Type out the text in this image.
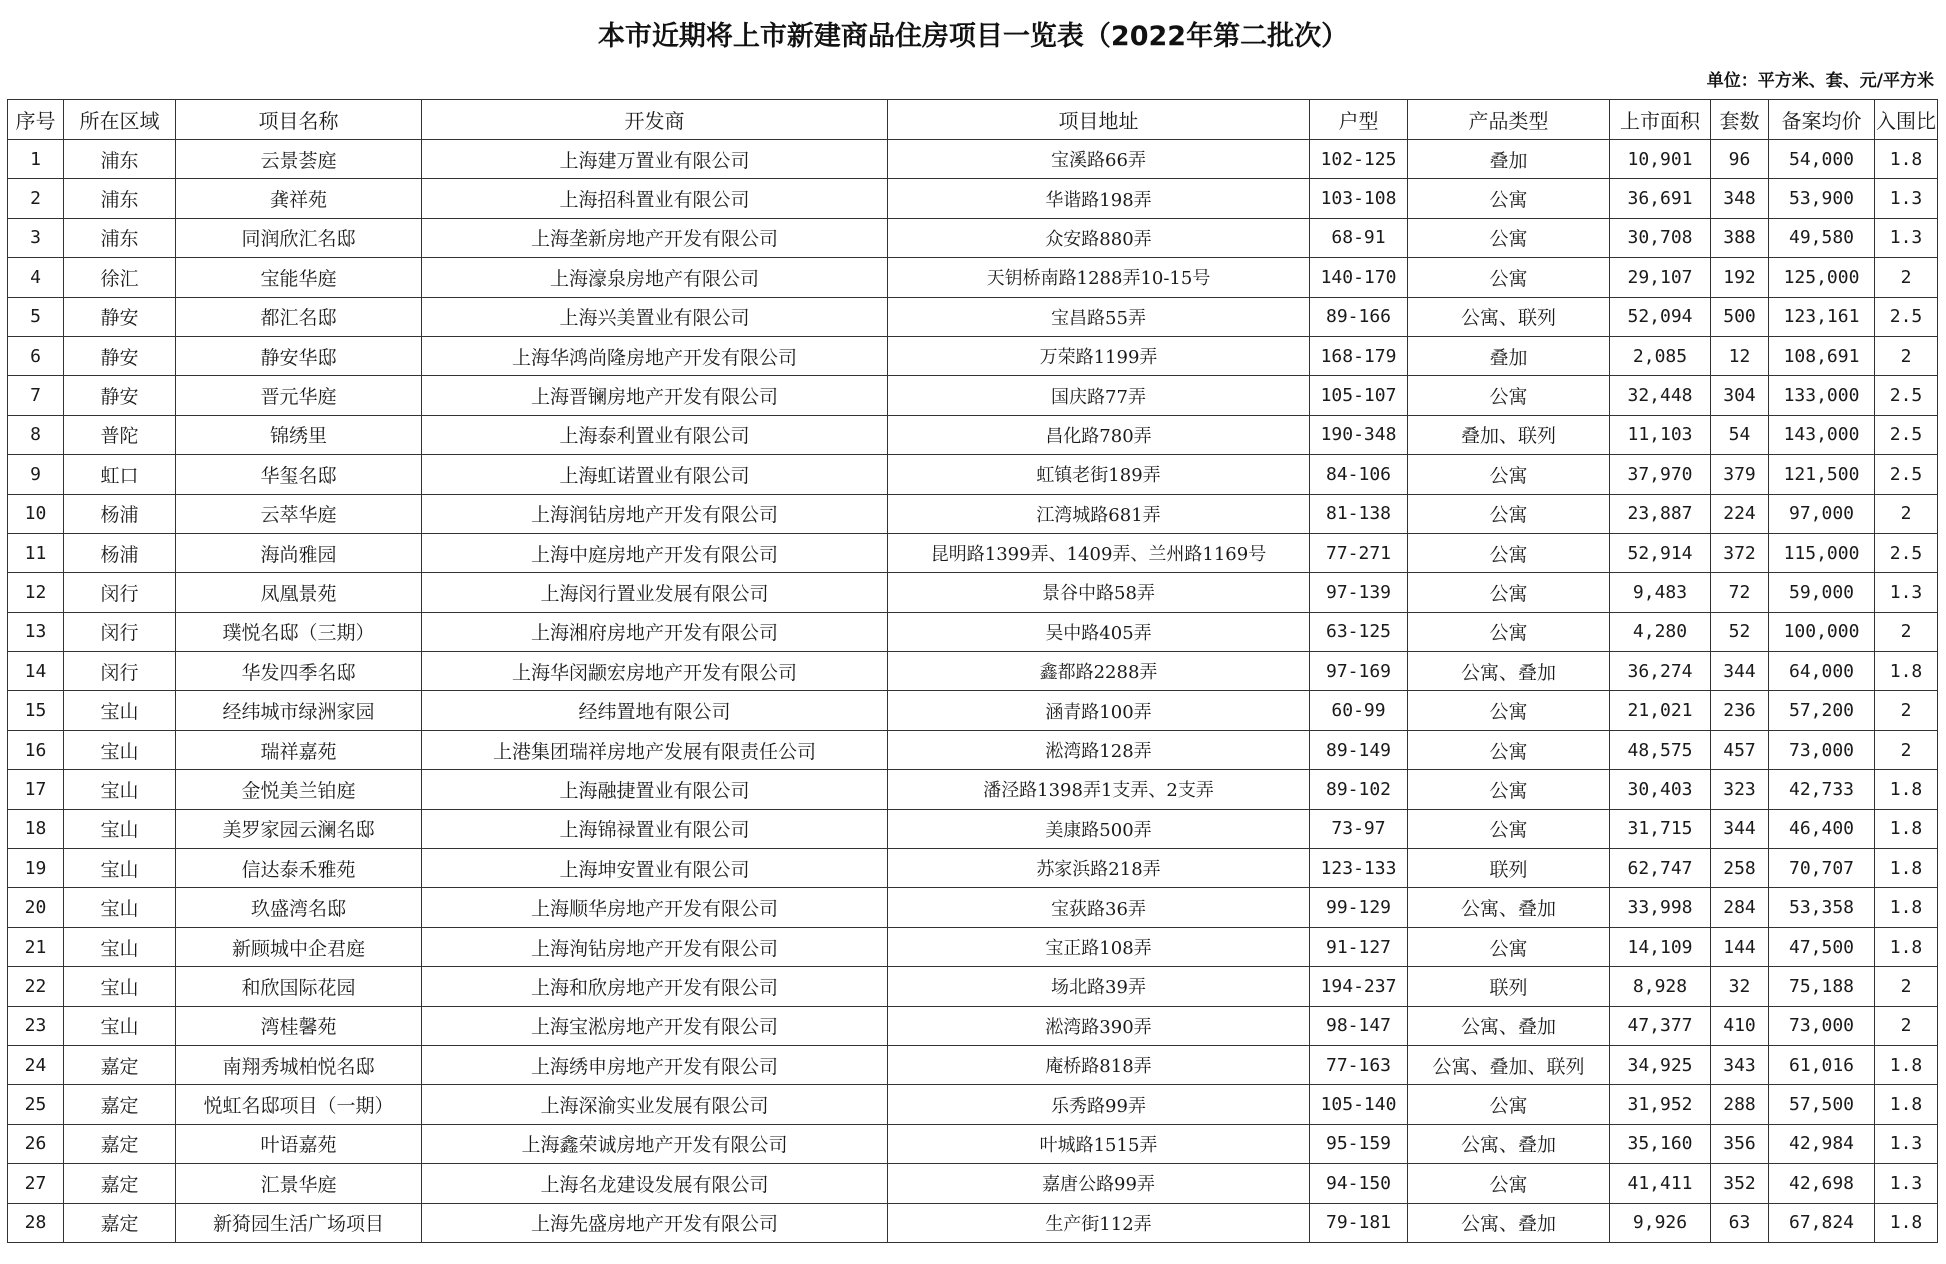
本市近期将上市新建商品住房项目一览表（2022年第二批次）
单位：平方米、套、元/平方米
序号	所在区域	项目名称	开发商	项目地址	户型	产品类型	上市面积	套数	备案均价	入围比
1	浦东	云景荟庭	上海建万置业有限公司	宝溪路66弄	102-125	叠加	10,901	96	54,000	1.8
2	浦东	龚祥苑	上海招科置业有限公司	华谐路198弄	103-108	公寓	36,691	348	53,900	1.3
3	浦东	同润欣汇名邸	上海垄新房地产开发有限公司	众安路880弄	68-91	公寓	30,708	388	49,580	1.3
4	徐汇	宝能华庭	上海濠泉房地产有限公司	天钥桥南路1288弄10-15号	140-170	公寓	29,107	192	125,000	2
5	静安	都汇名邸	上海兴美置业有限公司	宝昌路55弄	89-166	公寓、联列	52,094	500	123,161	2.5
6	静安	静安华邸	上海华鸿尚隆房地产开发有限公司	万荣路1199弄	168-179	叠加	2,085	12	108,691	2
7	静安	晋元华庭	上海晋镧房地产开发有限公司	国庆路77弄	105-107	公寓	32,448	304	133,000	2.5
8	普陀	锦绣里	上海泰利置业有限公司	昌化路780弄	190-348	叠加、联列	11,103	54	143,000	2.5
9	虹口	华玺名邸	上海虹诺置业有限公司	虹镇老街189弄	84-106	公寓	37,970	379	121,500	2.5
10	杨浦	云萃华庭	上海润钻房地产开发有限公司	江湾城路681弄	81-138	公寓	23,887	224	97,000	2
11	杨浦	海尚雅园	上海中庭房地产开发有限公司	昆明路1399弄、1409弄、兰州路1169号	77-271	公寓	52,914	372	115,000	2.5
12	闵行	凤凰景苑	上海闵行置业发展有限公司	景谷中路58弄	97-139	公寓	9,483	72	59,000	1.3
13	闵行	璞悦名邸（三期）	上海湘府房地产开发有限公司	吴中路405弄	63-125	公寓	4,280	52	100,000	2
14	闵行	华发四季名邸	上海华闵颛宏房地产开发有限公司	鑫都路2288弄	97-169	公寓、叠加	36,274	344	64,000	1.8
15	宝山	经纬城市绿洲家园	经纬置地有限公司	涵青路100弄	60-99	公寓	21,021	236	57,200	2
16	宝山	瑞祥嘉苑	上港集团瑞祥房地产发展有限责任公司	淞湾路128弄	89-149	公寓	48,575	457	73,000	2
17	宝山	金悦美兰铂庭	上海融捷置业有限公司	潘泾路1398弄1支弄、2支弄	89-102	公寓	30,403	323	42,733	1.8
18	宝山	美罗家园云澜名邸	上海锦禄置业有限公司	美康路500弄	73-97	公寓	31,715	344	46,400	1.8
19	宝山	信达泰禾雅苑	上海坤安置业有限公司	苏家浜路218弄	123-133	联列	62,747	258	70,707	1.8
20	宝山	玖盛湾名邸	上海顺华房地产开发有限公司	宝荻路36弄	99-129	公寓、叠加	33,998	284	53,358	1.8
21	宝山	新顾城中企君庭	上海洵钻房地产开发有限公司	宝正路108弄	91-127	公寓	14,109	144	47,500	1.8
22	宝山	和欣国际花园	上海和欣房地产开发有限公司	场北路39弄	194-237	联列	8,928	32	75,188	2
23	宝山	湾桂馨苑	上海宝淞房地产开发有限公司	淞湾路390弄	98-147	公寓、叠加	47,377	410	73,000	2
24	嘉定	南翔秀城柏悦名邸	上海绣申房地产开发有限公司	庵桥路818弄	77-163	公寓、叠加、联列	34,925	343	61,016	1.8
25	嘉定	悦虹名邸项目（一期）	上海深渝实业发展有限公司	乐秀路99弄	105-140	公寓	31,952	288	57,500	1.8
26	嘉定	叶语嘉苑	上海鑫荣诚房地产开发有限公司	叶城路1515弄	95-159	公寓、叠加	35,160	356	42,984	1.3
27	嘉定	汇景华庭	上海名龙建设发展有限公司	嘉唐公路99弄	94-150	公寓	41,411	352	42,698	1.3
28	嘉定	新猗园生活广场项目	上海先盛房地产开发有限公司	生产街112弄	79-181	公寓、叠加	9,926	63	67,824	1.8
